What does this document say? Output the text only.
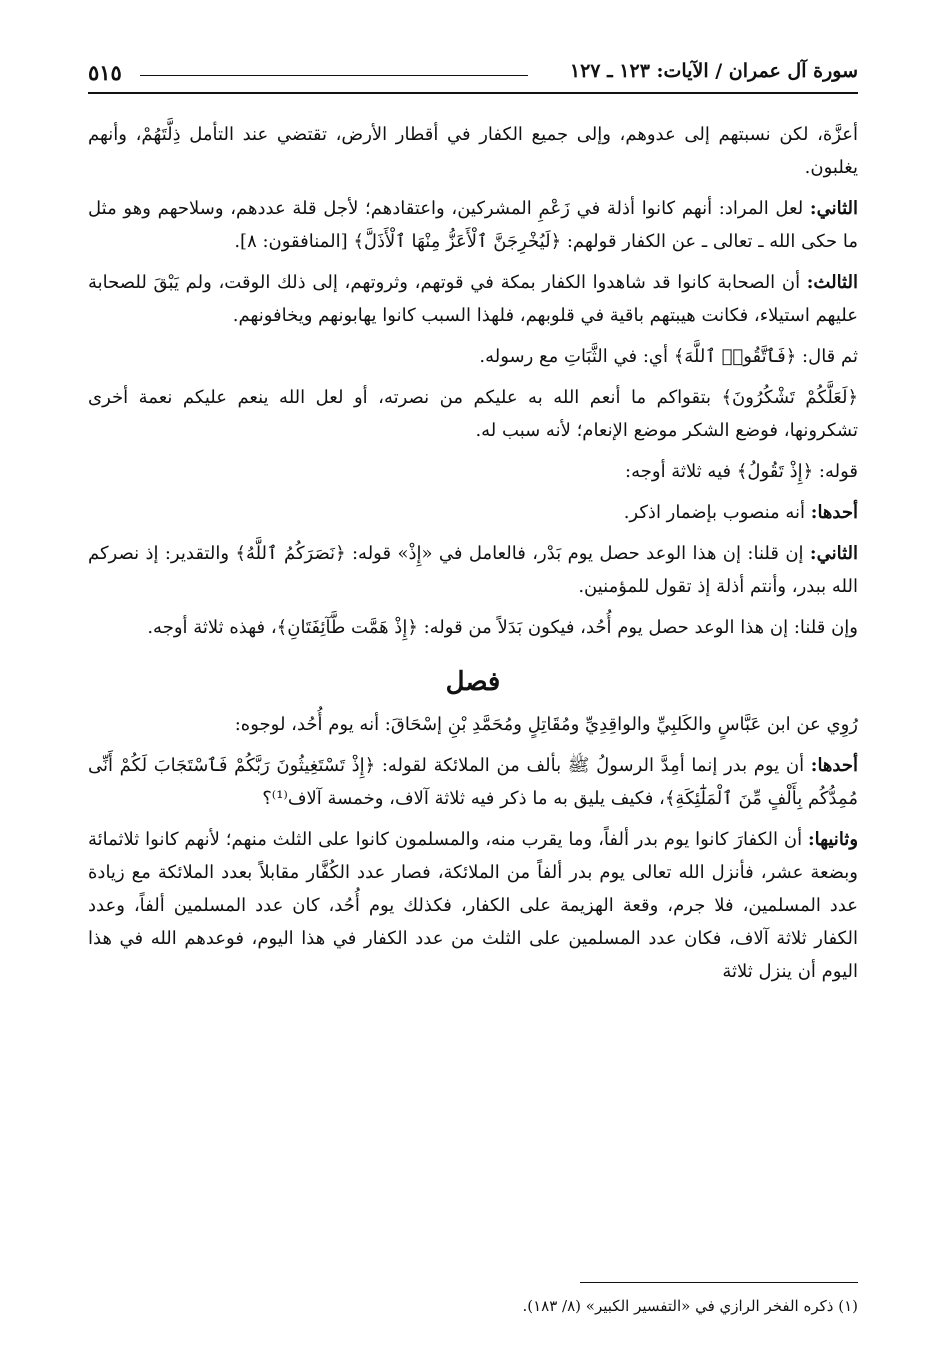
٥١٥	سورة آل عمران / الآيات: ١٢٣ ـ ١٢٧

أعزَّة، لكن نسبتهم إلى عدوهم، وإلى جميع الكفار في أقطار الأرض، تقتضي عند التأمل ذِلَّتَهُمْ، وأنهم يغلبون.

الثاني: لعل المراد: أنهم كانوا أذلة في زَعْمِ المشركين، واعتقادهم؛ لأجل قلة عددهم، وسلاحهم وهو مثل ما حكى الله ـ تعالى ـ عن الكفار قولهم: ﴿لَيُخْرِجَنَّ ٱلْأَعَزُّ مِنْهَا ٱلْأَذَلَّ﴾ [المنافقون: ٨].

الثالث: أن الصحابة كانوا قد شاهدوا الكفار بمكة في قوتهم، وثروتهم، إلى ذلك الوقت، ولم يَبْقَ للصحابة عليهم استيلاء، فكانت هيبتهم باقية في قلوبهم، فلهذا السبب كانوا يهابونهم ويخافونهم.

ثم قال: ﴿فَٱتَّقُوا۟ ٱللَّهَ﴾ أي: في الثَّبَاتِ مع رسوله.

﴿لَعَلَّكُمْ تَشْكُرُونَ﴾ بتقواكم ما أنعم الله به عليكم من نصرته، أو لعل الله ينعم عليكم نعمة أخرى تشكرونها، فوضع الشكر موضع الإنعام؛ لأنه سبب له.

قوله: ﴿إِذْ تَقُولُ﴾ فيه ثلاثة أوجه:

أحدها: أنه منصوب بإضمار اذكر.

الثاني: إن قلنا: إن هذا الوعد حصل يوم بَدْر، فالعامل في «إِذْ» قوله: ﴿نَصَرَكُمُ ٱللَّهُ﴾ والتقدير: إذ نصركم الله ببدر، وأنتم أذلة إذ تقول للمؤمنين.

وإن قلنا: إن هذا الوعد حصل يوم أُحُد، فيكون بَدَلاً من قوله: ﴿إِذْ هَمَّت طَّآئِفَتَانِ﴾، فهذه ثلاثة أوجه.

فصل

رُوِي عن ابن عَبَّاسٍ والكَلبِيِّ والواقِدِيِّ ومُقَاتِلٍ ومُحَمَّدِ بْنِ إسْحَاقَ: أنه يوم أُحُد، لوجوه:

أحدها: أن يوم بدر إنما أمِدَّ الرسولُ ﷺ بألف من الملائكة لقوله: ﴿إِذْ تَسْتَغِيثُونَ رَبَّكُمْ فَٱسْتَجَابَ لَكُمْ أَنِّى مُمِدُّكُم بِأَلْفٍ مِّنَ ٱلْمَلَٰٓئِكَةِ﴾، فكيف يليق به ما ذكر فيه ثلاثة آلاف، وخمسة آلاف⁽¹⁾؟

وثانيها: أن الكفارَ كانوا يوم بدر ألفاً، وما يقرب منه، والمسلمون كانوا على الثلث منهم؛ لأنهم كانوا ثلاثمائة وبضعة عشر، فأنزل الله تعالى يوم بدر ألفاً من الملائكة، فصار عدد الكُفَّار مقابلاً بعدد الملائكة مع زيادة عدد المسلمين، فلا جرم، وقعة الهزيمة على الكفار، فكذلك يوم أُحُد، كان عدد المسلمين ألفاً، وعدد الكفار ثلاثة آلاف، فكان عدد المسلمين على الثلث من عدد الكفار في هذا اليوم، فوعدهم الله في هذا اليوم أن ينزل ثلاثة

(١) ذكره الفخر الرازي في «التفسير الكبير» (٨/ ١٨٣).
